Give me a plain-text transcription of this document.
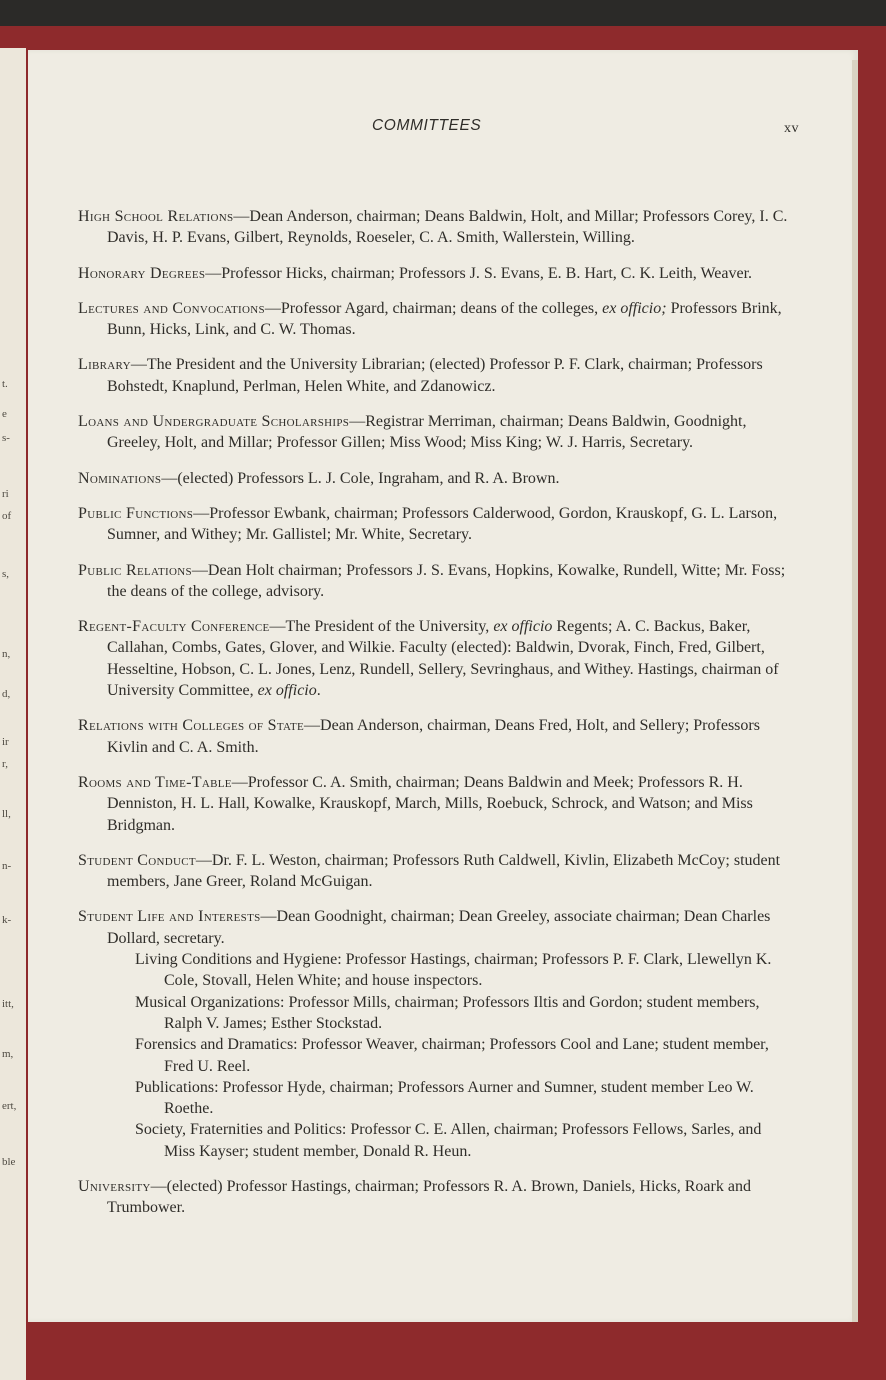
t.
e
s-
ri
of
s,
n,
d,
ir
r,
ll,
n-
k-
itt,
m,
ert,
ble
COMMITTEES	xv
High School Relations—Dean Anderson, chairman; Deans Baldwin, Holt, and Millar; Professors Corey, I. C. Davis, H. P. Evans, Gilbert, Reynolds, Roeseler, C. A. Smith, Wallerstein, Willing.
Honorary Degrees—Professor Hicks, chairman; Professors J. S. Evans, E. B. Hart, C. K. Leith, Weaver.
Lectures and Convocations—Professor Agard, chairman; deans of the colleges, ex officio; Professors Brink, Bunn, Hicks, Link, and C. W. Thomas.
Library—The President and the University Librarian; (elected) Professor P. F. Clark, chairman; Professors Bohstedt, Knaplund, Perlman, Helen White, and Zdanowicz.
Loans and Undergraduate Scholarships—Registrar Merriman, chairman; Deans Baldwin, Goodnight, Greeley, Holt, and Millar; Professor Gillen; Miss Wood; Miss King; W. J. Harris, Secretary.
Nominations—(elected) Professors L. J. Cole, Ingraham, and R. A. Brown.
Public Functions—Professor Ewbank, chairman; Professors Calderwood, Gordon, Krauskopf, G. L. Larson, Sumner, and Withey; Mr. Gallistel; Mr. White, Secretary.
Public Relations—Dean Holt chairman; Professors J. S. Evans, Hopkins, Kowalke, Rundell, Witte; Mr. Foss; the deans of the college, advisory.
Regent-Faculty Conference—The President of the University, ex officio Regents; A. C. Backus, Baker, Callahan, Combs, Gates, Glover, and Wilkie. Faculty (elected): Baldwin, Dvorak, Finch, Fred, Gilbert, Hesseltine, Hobson, C. L. Jones, Lenz, Rundell, Sellery, Sevringhaus, and Withey. Hastings, chairman of University Committee, ex officio.
Relations with Colleges of State—Dean Anderson, chairman, Deans Fred, Holt, and Sellery; Professors Kivlin and C. A. Smith.
Rooms and Time-Table—Professor C. A. Smith, chairman; Deans Baldwin and Meek; Professors R. H. Denniston, H. L. Hall, Kowalke, Krauskopf, March, Mills, Roebuck, Schrock, and Watson; and Miss Bridgman.
Student Conduct—Dr. F. L. Weston, chairman; Professors Ruth Caldwell, Kivlin, Elizabeth McCoy; student members, Jane Greer, Roland McGuigan.
Student Life and Interests—Dean Goodnight, chairman; Dean Greeley, associate chairman; Dean Charles Dollard, secretary.
Living Conditions and Hygiene: Professor Hastings, chairman; Professors P. F. Clark, Llewellyn K. Cole, Stovall, Helen White; and house inspectors.
Musical Organizations: Professor Mills, chairman; Professors Iltis and Gordon; student members, Ralph V. James; Esther Stockstad.
Forensics and Dramatics: Professor Weaver, chairman; Professors Cool and Lane; student member, Fred U. Reel.
Publications: Professor Hyde, chairman; Professors Aurner and Sumner, student member Leo W. Roethe.
Society, Fraternities and Politics: Professor C. E. Allen, chairman; Professors Fellows, Sarles, and Miss Kayser; student member, Donald R. Heun.
University—(elected) Professor Hastings, chairman; Professors R. A. Brown, Daniels, Hicks, Roark and Trumbower.
